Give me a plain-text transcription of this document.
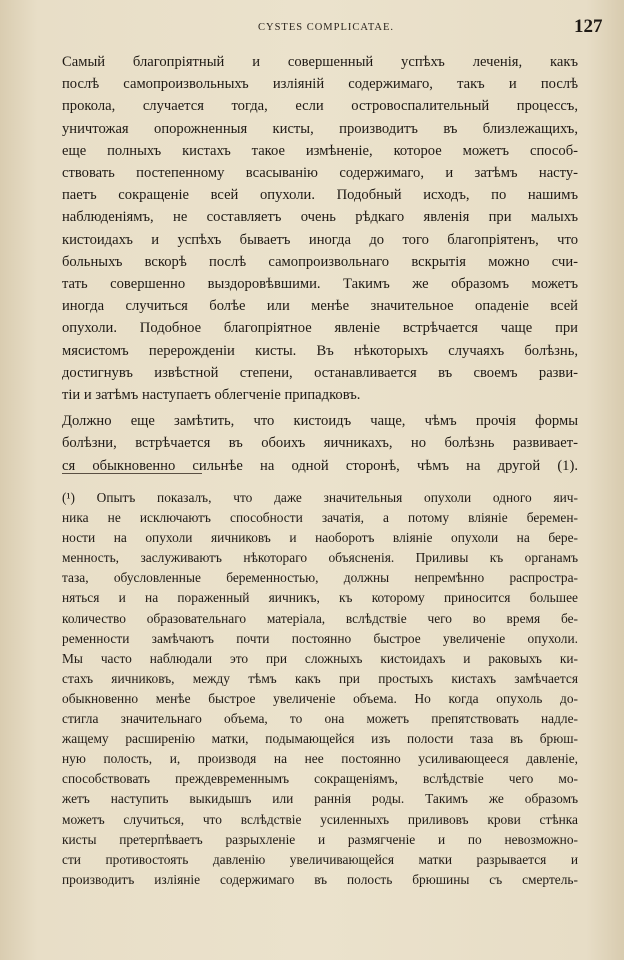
CYSTES COMPLICATAE.	127

Самый благопріятный и совершенный успѣхъ леченія, какъ
послѣ самопроизвольныхъ изліяній содержимаго, такъ и послѣ
прокола, случается тогда, если островоспалительный процессъ,
уничтожая опорожненныя кисты, производитъ въ близлежащихъ,
еще полныхъ кистахъ такое измѣненіе, которое можетъ способ-
ствовать постепенному всасыванію содержимаго, и затѣмъ насту-
паетъ сокращеніе всей опухоли. Подобный исходъ, по нашимъ
наблюденіямъ, не составляетъ очень рѣдкаго явленія при малыхъ
кистоидахъ и успѣхъ бываетъ иногда до того благопріятенъ, что
больныхъ вскорѣ послѣ самопроизвольнаго вскрытія можно счи-
тать совершенно выздоровѣвшими. Такимъ же образомъ можетъ
иногда случиться болѣе или менѣе значительное опаденіе всей
опухоли. Подобное благопріятное явленіе встрѣчается чаще при
мясистомъ перерожденіи кисты. Въ нѣкоторыхъ случаяхъ болѣзнь,
достигнувъ извѣстной степени, останавливается въ своемъ разви-
тіи и затѣмъ наступаетъ облегченіе припадковъ.

Должно еще замѣтить, что кистоидъ чаще, чѣмъ прочія формы
болѣзни, встрѣчается въ обоихъ яичникахъ, но болѣзнь развивает-
ся обыкновенно сильнѣе на одной сторонѣ, чѣмъ на другой (1).

(¹) Опытъ показалъ, что даже значительныя опухоли одного яич-
ника не исключаютъ способности зачатія, а потому вліяніе беремен-
ности на опухоли яичниковъ и наоборотъ вліяніе опухоли на бере-
менность, заслуживаютъ нѣкотораго объясненія. Приливы къ органамъ
таза, обусловленные беременностью, должны непремѣнно распростра-
няться и на пораженный яичникъ, къ которому приносится большее
количество образовательнаго матеріала, вслѣдствіе чего во время бе-
ременности замѣчаютъ почти постоянно быстрое увеличеніе опухоли.
Мы часто наблюдали это при сложныхъ кистоидахъ и раковыхъ ки-
стахъ яичниковъ, между тѣмъ какъ при простыхъ кистахъ замѣчается
обыкновенно менѣе быстрое увеличеніе объема. Но когда опухоль до-
стигла значительнаго объема, то она можетъ препятствовать надле-
жащему расширенію матки, подымающейся изъ полости таза въ брюш-
ную полость, и, производя на нее постоянно усиливающееся давленіе,
способствовать преждевременнымъ сокращеніямъ, вслѣдствіе чего мо-
жетъ наступить выкидышъ или раннія роды. Такимъ же образомъ
можетъ случиться, что вслѣдствіе усиленныхъ приливовъ крови стѣнка
кисты претерпѣваетъ разрыхленіе и размягченіе и по невозможно-
сти противостоять давленію увеличивающейся матки разрывается и
производитъ изліяніе содержимаго въ полость брюшины съ смертель-
